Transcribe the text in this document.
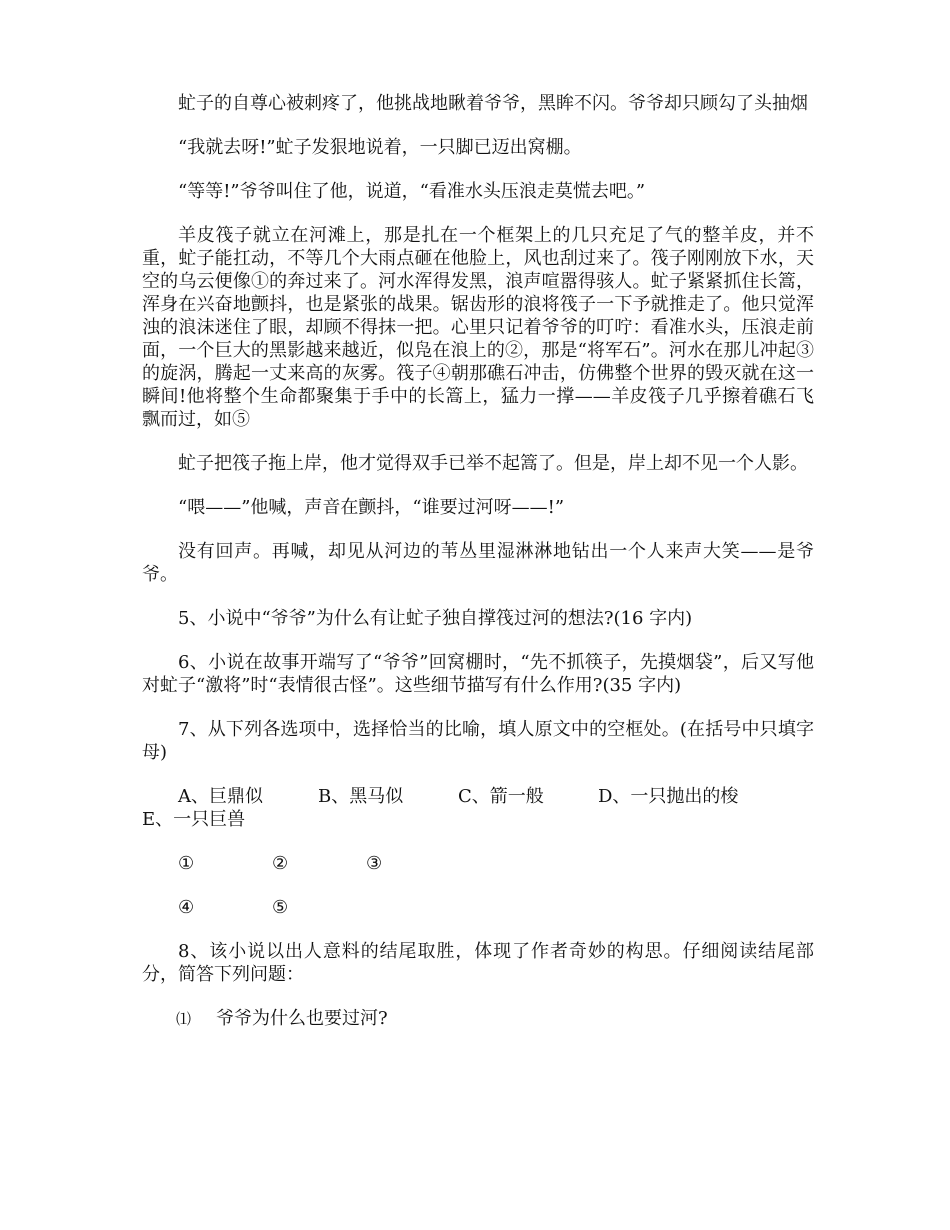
虻子的自尊心被刺疼了，他挑战地瞅着爷爷，黑眸不闪。爷爷却只顾勾了头抽烟

“我就去呀!”虻子发狠地说着，一只脚已迈出窝棚。

“等等!”爷爷叫住了他，说道，“看准水头压浪走莫慌去吧。”

羊皮筏子就立在河滩上，那是扎在一个框架上的几只充足了气的整羊皮，并不重，虻子能扛动，不等几个大雨点砸在他脸上，风也刮过来了。筏子刚刚放下水，天空的乌云便像①的奔过来了。河水浑得发黑，浪声喧嚣得骇人。虻子紧紧抓住长篙，浑身在兴奋地颤抖，也是紧张的战果。锯齿形的浪将筏子一下予就推走了。他只觉浑浊的浪沫迷住了眼，却顾不得抹一把。心里只记着爷爷的叮咛：看准水头，压浪走前面，一个巨大的黑影越来越近，似凫在浪上的②，那是“将军石”。河水在那儿冲起③的旋涡，腾起一丈来高的灰雾。筏子④朝那礁石冲击，仿佛整个世界的毁灭就在这一瞬间!他将整个生命都聚集于手中的长篙上，猛力一撑——羊皮筏子几乎擦着礁石飞飘而过，如⑤

虻子把筏子拖上岸，他才觉得双手已举不起篙了。但是，岸上却不见一个人影。

“喂——”他喊，声音在颤抖，“谁要过河呀——!”

没有回声。再喊，却见从河边的苇丛里湿淋淋地钻出一个人来声大笑——是爷爷。

5、小说中“爷爷”为什么有让虻子独自撑筏过河的想法?(16 字内)

6、小说在故事开端写了“爷爷”回窝棚时，“先不抓筷子，先摸烟袋”，后又写他对虻子“激将”时“表情很古怪”。这些细节描写有什么作用?(35 字内)

7、从下列各选项中，选择恰当的比喻，填人原文中的空框处。(在括号中只填字母)

A、巨鼎似	B、黑马似	C、箭一般	D、一只抛出的梭
E、一只巨兽
①	②	③
④	⑤

8、该小说以出人意料的结尾取胜，体现了作者奇妙的构思。仔细阅读结尾部分，简答下列问题：

⑴ 爷爷为什么也要过河?
